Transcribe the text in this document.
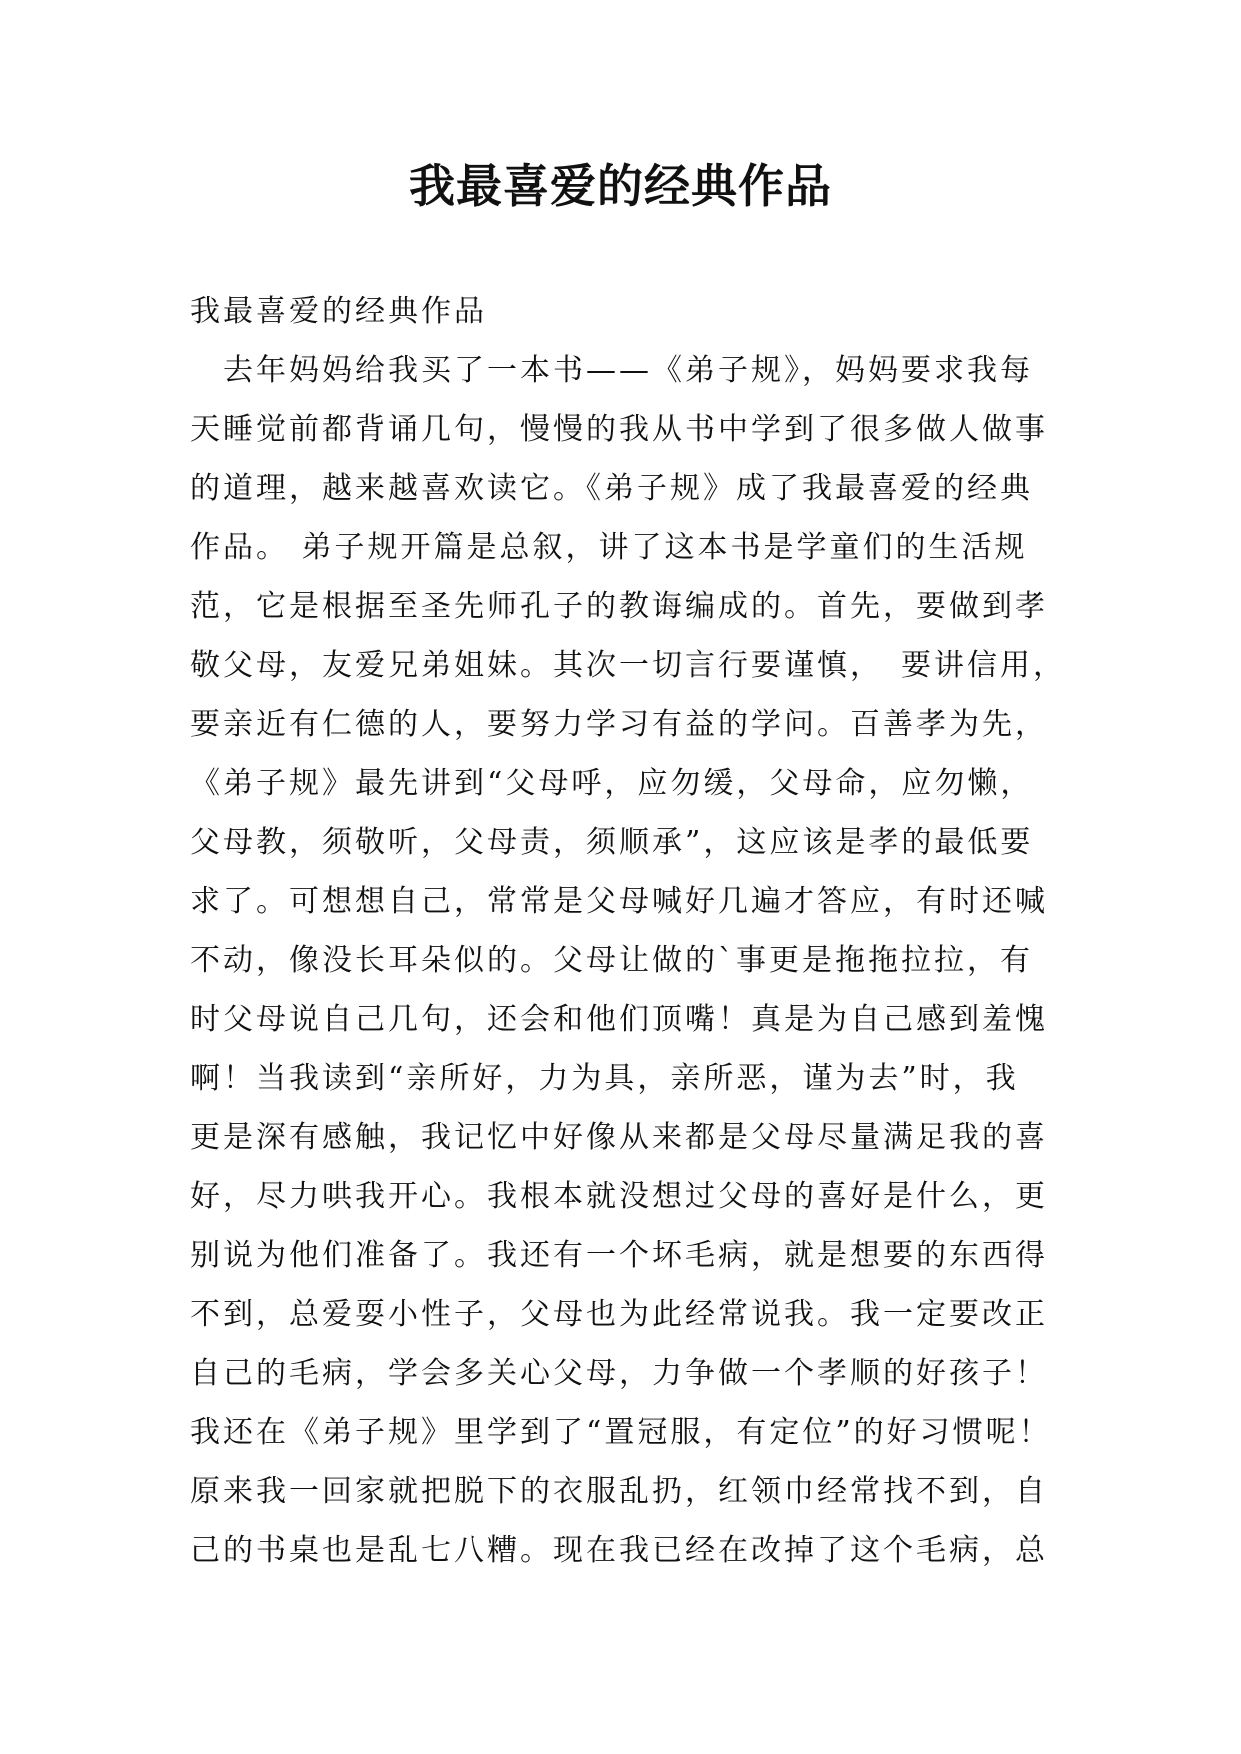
我最喜爱的经典作品
我最喜爱的经典作品
　去年妈妈给我买了一本书——《弟子规》，妈妈要求我每
天睡觉前都背诵几句，慢慢的我从书中学到了很多做人做事
的道理，越来越喜欢读它。《弟子规》成了我最喜爱的经典
作品。 弟子规开篇是总叙，讲了这本书是学童们的生活规
范，它是根据至圣先师孔子的教诲编成的。首先，要做到孝
敬父母，友爱兄弟姐妹。其次一切言行要谨慎，　要讲信用，
要亲近有仁德的人，要努力学习有益的学问。百善孝为先，
《弟子规》最先讲到“父母呼，应勿缓，父母命，应勿懒，
父母教，须敬听，父母责，须顺承”，这应该是孝的最低要
求了。可想想自己，常常是父母喊好几遍才答应，有时还喊
不动，像没长耳朵似的。父母让做的`事更是拖拖拉拉，有
时父母说自己几句，还会和他们顶嘴！真是为自己感到羞愧
啊！当我读到“亲所好，力为具，亲所恶，谨为去”时，我
更是深有感触，我记忆中好像从来都是父母尽量满足我的喜
好，尽力哄我开心。我根本就没想过父母的喜好是什么，更
别说为他们准备了。我还有一个坏毛病，就是想要的东西得
不到，总爱耍小性子，父母也为此经常说我。我一定要改正
自己的毛病，学会多关心父母，力争做一个孝顺的好孩子！
我还在《弟子规》里学到了“置冠服，有定位”的好习惯呢！
原来我一回家就把脱下的衣服乱扔，红领巾经常找不到，自
己的书桌也是乱七八糟。现在我已经在改掉了这个毛病，总
